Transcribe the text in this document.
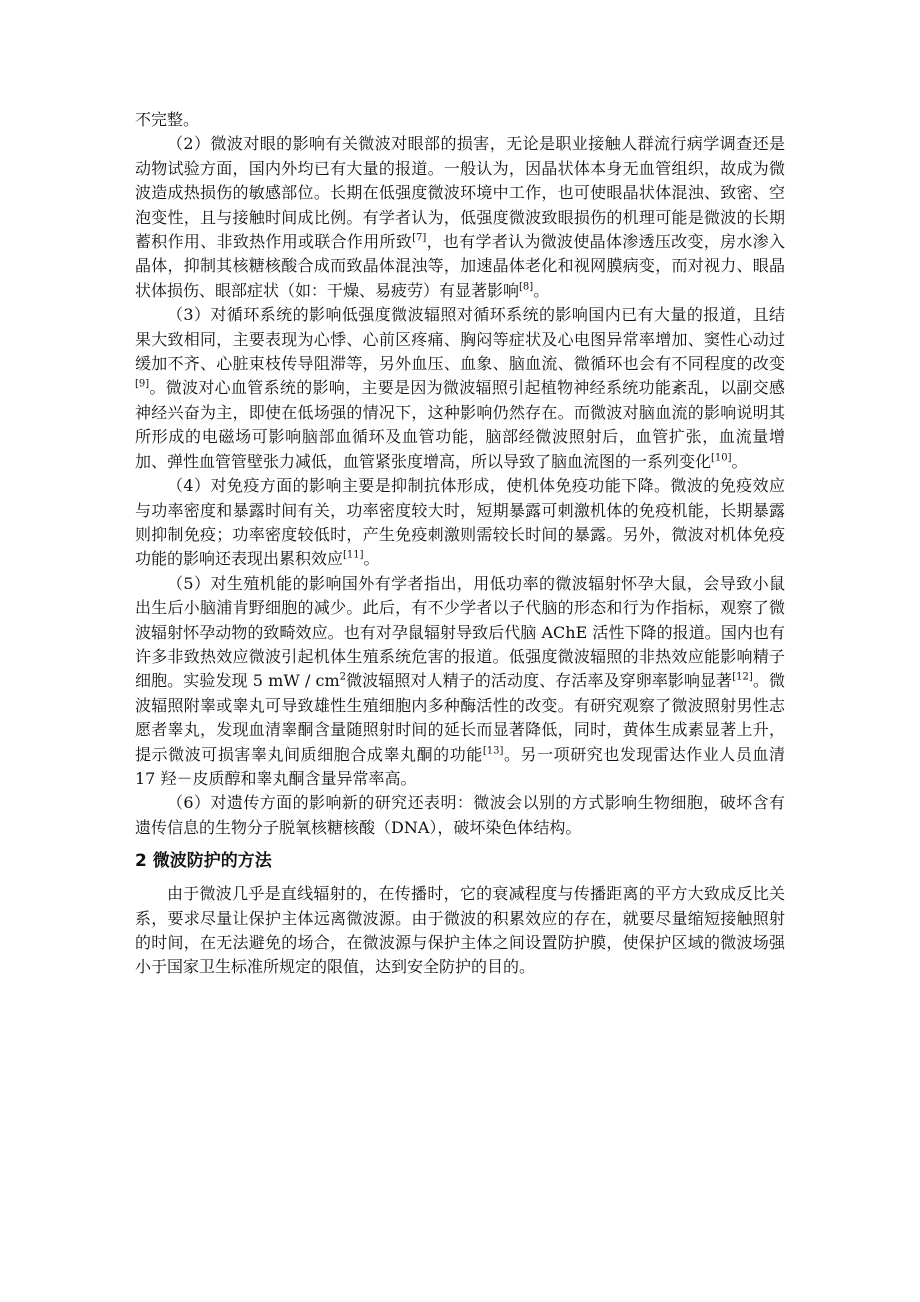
不完整。

（2）微波对眼的影响有关微波对眼部的损害，无论是职业接触人群流行病学调查还是动物试验方面，国内外均已有大量的报道。一般认为，因晶状体本身无血管组织，故成为微波造成热损伤的敏感部位。长期在低强度微波环境中工作，也可使眼晶状体混浊、致密、空泡变性，且与接触时间成比例。有学者认为，低强度微波致眼损伤的机理可能是微波的长期蓄积作用、非致热作用或联合作用所致[7]，也有学者认为微波使晶体渗透压改变，房水渗入晶体，抑制其核糖核酸合成而致晶体混浊等，加速晶体老化和视网膜病变，而对视力、眼晶状体损伤、眼部症状（如：干燥、易疲劳）有显著影响[8]。

（3）对循环系统的影响低强度微波辐照对循环系统的影响国内已有大量的报道，且结果大致相同，主要表现为心悸、心前区疼痛、胸闷等症状及心电图异常率增加、窦性心动过缓加不齐、心脏束枝传导阻滞等，另外血压、血象、脑血流、微循环也会有不同程度的改变[9]。微波对心血管系统的影响，主要是因为微波辐照引起植物神经系统功能紊乱，以副交感神经兴奋为主，即使在低场强的情况下，这种影响仍然存在。而微波对脑血流的影响说明其所形成的电磁场可影响脑部血循环及血管功能，脑部经微波照射后，血管扩张，血流量增加、弹性血管管壁张力减低，血管紧张度增高，所以导致了脑血流图的一系列变化[10]。

（4）对免疫方面的影响主要是抑制抗体形成，使机体免疫功能下降。微波的免疫效应与功率密度和暴露时间有关，功率密度较大时，短期暴露可刺激机体的免疫机能，长期暴露则抑制免疫；功率密度较低时，产生免疫刺激则需较长时间的暴露。另外，微波对机体免疫功能的影响还表现出累积效应[11]。

（5）对生殖机能的影响国外有学者指出，用低功率的微波辐射怀孕大鼠，会导致小鼠出生后小脑浦肯野细胞的减少。此后，有不少学者以子代脑的形态和行为作指标，观察了微波辐射怀孕动物的致畸效应。也有对孕鼠辐射导致后代脑 AChE 活性下降的报道。国内也有许多非致热效应微波引起机体生殖系统危害的报道。低强度微波辐照的非热效应能影响精子细胞。实验发现 5 mW / $cm^2$微波辐照对人精子的活动度、存活率及穿卵率影响显著[12]。微波辐照附睾或睾丸可导致雄性生殖细胞内多种酶活性的改变。有研究观察了微波照射男性志愿者睾丸，发现血清睾酮含量随照射时间的延长而显著降低，同时，黄体生成素显著上升，提示微波可损害睾丸间质细胞合成睾丸酮的功能[13]。另一项研究也发现雷达作业人员血清 17 羟－皮质醇和睾丸酮含量异常率高。

（6）对遗传方面的影响新的研究还表明：微波会以别的方式影响生物细胞，破坏含有遗传信息的生物分子脱氧核糖核酸（DNA），破坏染色体结构。

2 微波防护的方法

由于微波几乎是直线辐射的，在传播时，它的衰减程度与传播距离的平方大致成反比关系，要求尽量让保护主体远离微波源。由于微波的积累效应的存在，就要尽量缩短接触照射的时间，在无法避免的场合，在微波源与保护主体之间设置防护膜，使保护区域的微波场强小于国家卫生标准所规定的限值，达到安全防护的目的。
